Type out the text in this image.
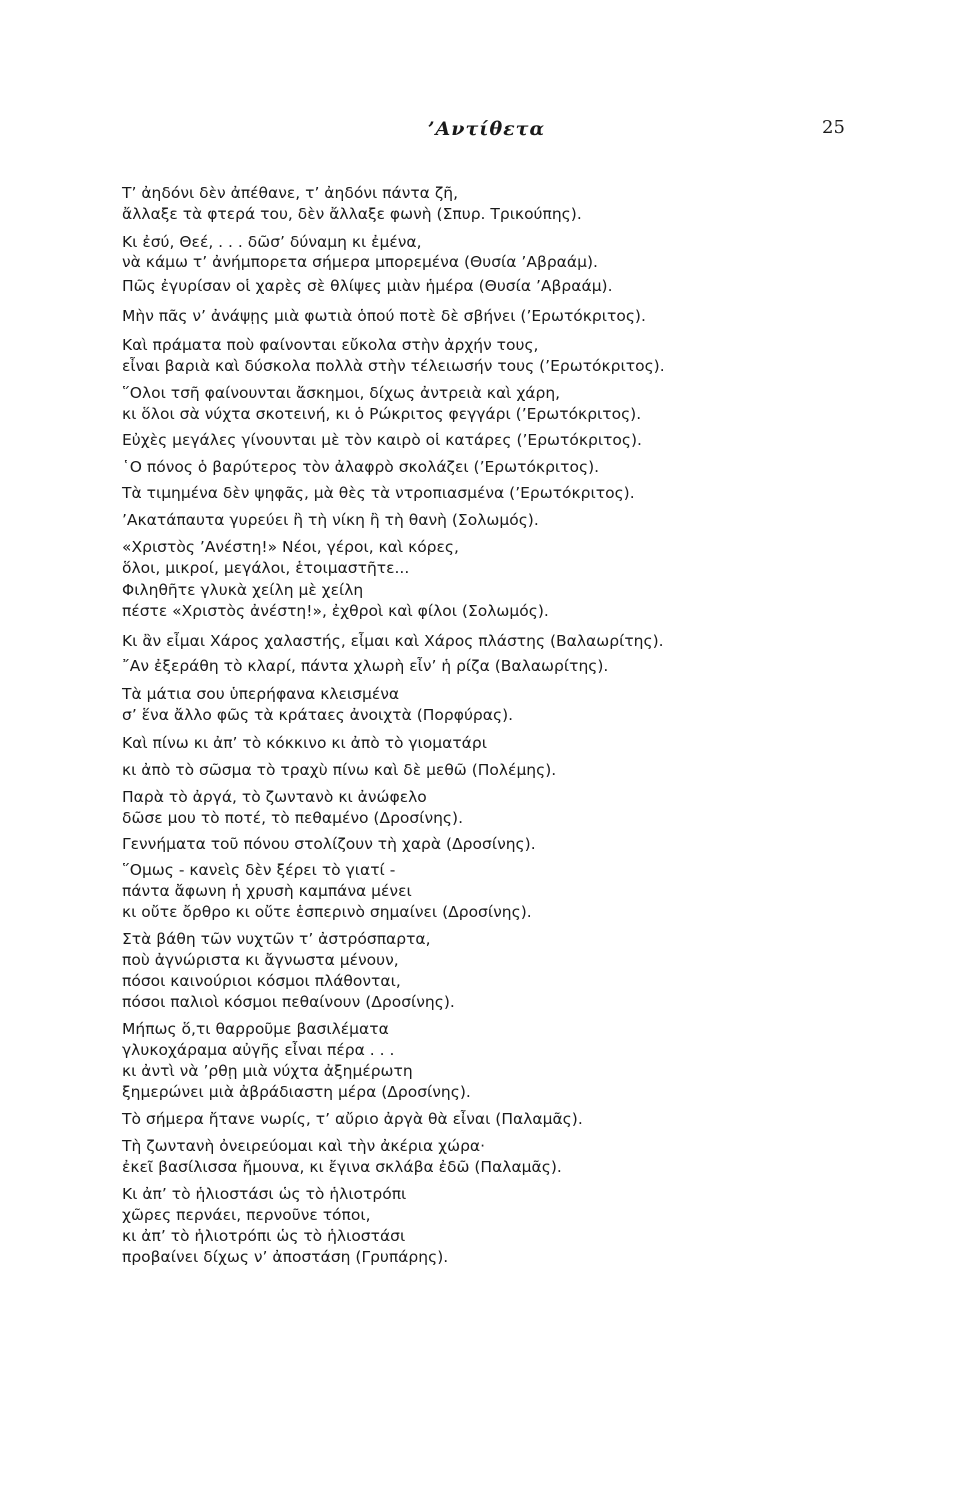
’Αντίθετα	25
Τ’ ἀηδόνι δὲν ἀπέθανε, τ’ ἀηδόνι πάντα ζῆ,
ἄλλαξε τὰ φτερά του, δὲν ἄλλαξε φωνὴ (Σπυρ. Τρικούπης).
Κι ἐσύ, Θεέ, . . . δῶσ’ δύναμη κι ἐμένα,
νὰ κάμω τ’ ἀνήμπορετα σήμερα μπορεμένα (Θυσία ’Αβραάμ).
Πῶς ἐγυρίσαν οἱ χαρὲς σὲ θλίψες μιὰν ἡμέρα (Θυσία ’Αβραάμ).
Μὴν πᾶς ν’ ἀνάψῃς μιὰ φωτιὰ ὁπού ποτὲ δὲ σβήνει (’Ερωτόκριτος).
Καὶ πράματα ποὺ φαίνονται εὔκολα στὴν ἀρχήν τους,
εἶναι βαριὰ καὶ δύσκολα πολλὰ στὴν τέλειωσήν τους (’Ερωτόκριτος).
῞Ολοι τσῆ φαίνουνται ἄσκημοι, δίχως ἀντρειὰ καὶ χάρη,
κι ὅλοι σὰ νύχτα σκοτεινή, κι ὁ Ρώκριτος φεγγάρι (’Ερωτόκριτος).
Εὐχὲς μεγάλες γίνουνται μὲ τὸν καιρὸ οἱ κατάρες (’Ερωτόκριτος).
῾Ο πόνος ὁ βαρύτερος τὸν ἀλαφρὸ σκολάζει (’Ερωτόκριτος).
Τὰ τιμημένα δὲν ψηφᾶς, μὰ θὲς τὰ ντροπιασμένα (’Ερωτόκριτος).
’Ακατάπαυτα γυρεύει ἢ τὴ νίκη ἢ τὴ θανὴ (Σολωμός).
«Χριστὸς ’Ανέστη!» Νέοι, γέροι, καὶ κόρες,
ὅλοι, μικροί, μεγάλοι, ἑτοιμαστῆτε...
Φιληθῆτε γλυκὰ χείλη μὲ χείλη
πέστε «Χριστὸς ἀνέστη!», ἐχθροὶ καὶ φίλοι (Σολωμός).
Κι ἂν εἶμαι Χάρος χαλαστής, εἶμαι καὶ Χάρος πλάστης (Βαλαωρίτης).
῎Αν ἐξεράθη τὸ κλαρί, πάντα χλωρὴ εἶν’ ἡ ρίζα (Βαλαωρίτης).
Τὰ μάτια σου ὑπερήφανα κλεισμένα
σ’ ἕνα ἄλλο φῶς τὰ κράταες ἀνοιχτὰ (Πορφύρας).
Καὶ πίνω κι ἀπ’ τὸ κόκκινο κι ἀπὸ τὸ γιοματάρι
κι ἀπὸ τὸ σῶσμα τὸ τραχὺ πίνω καὶ δὲ μεθῶ (Πολέμης).
Παρὰ τὸ ἀργά, τὸ ζωντανὸ κι ἀνώφελο
δῶσε μου τὸ ποτέ, τὸ πεθαμένο (Δροσίνης).
Γεννήματα τοῦ πόνου στολίζουν τὴ χαρὰ (Δροσίνης).
῞Ομως - κανεὶς δὲν ξέρει τὸ γιατί -
πάντα ἄφωνη ἡ χρυσὴ καμπάνα μένει
κι οὔτε ὄρθρο κι οὔτε ἑσπερινὸ σημαίνει (Δροσίνης).
Στὰ βάθη τῶν νυχτῶν τ’ ἀστρόσπαρτα,
ποὺ ἀγνώριστα κι ἄγνωστα μένουν,
πόσοι καινούριοι κόσμοι πλάθονται,
πόσοι παλιοὶ κόσμοι πεθαίνουν (Δροσίνης).
Μήπως ὅ,τι θαρροῦμε βασιλέματα
γλυκοχάραμα αὐγῆς εἶναι πέρα . . .
κι ἀντὶ νὰ ’ρθῃ μιὰ νύχτα ἀξημέρωτη
ξημερώνει μιὰ ἀβράδιαστη μέρα (Δροσίνης).
Τὸ σήμερα ἤτανε νωρίς, τ’ αὔριο ἀργὰ θὰ εἶναι (Παλαμᾶς).
Τὴ ζωντανὴ ὀνειρεύομαι καὶ τὴν ἀκέρια χώρα·
ἐκεῖ βασίλισσα ἤμουνα, κι ἔγινα σκλάβα ἐδῶ (Παλαμᾶς).
Κι ἀπ’ τὸ ἡλιοστάσι ὡς τὸ ἡλιοτρόπι
χῶρες περνάει, περνοῦνε τόποι,
κι ἀπ’ τὸ ἡλιοτρόπι ὡς τὸ ἡλιοστάσι
προβαίνει δίχως ν’ ἀποστάση (Γρυπάρης).
